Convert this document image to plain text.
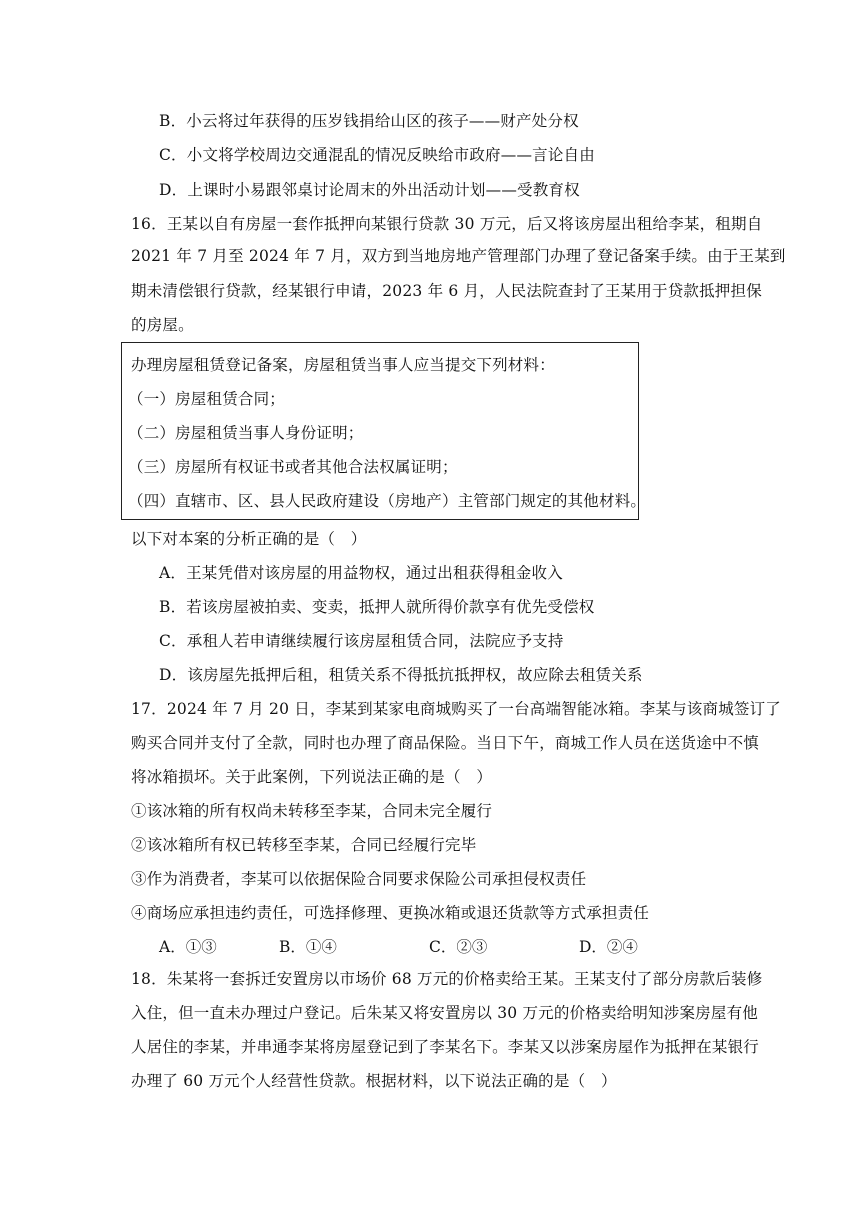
B．小云将过年获得的压岁钱捐给山区的孩子——财产处分权
C．小文将学校周边交通混乱的情况反映给市政府——言论自由
D．上课时小易跟邻桌讨论周末的外出活动计划——受教育权
16．王某以自有房屋一套作抵押向某银行贷款 30 万元，后又将该房屋出租给李某，租期自
2021 年 7 月至 2024 年 7 月，双方到当地房地产管理部门办理了登记备案手续。由于王某到
期未清偿银行贷款，经某银行申请，2023 年 6 月，人民法院查封了王某用于贷款抵押担保
的房屋。
办理房屋租赁登记备案，房屋租赁当事人应当提交下列材料：
（一）房屋租赁合同；
（二）房屋租赁当事人身份证明；
（三）房屋所有权证书或者其他合法权属证明；
（四）直辖市、区、县人民政府建设（房地产）主管部门规定的其他材料。
以下对本案的分析正确的是（　）
A．王某凭借对该房屋的用益物权，通过出租获得租金收入
B．若该房屋被拍卖、变卖，抵押人就所得价款享有优先受偿权
C．承租人若申请继续履行该房屋租赁合同，法院应予支持
D．该房屋先抵押后租，租赁关系不得抵抗抵押权，故应除去租赁关系
17．2024 年 7 月 20 日，李某到某家电商城购买了一台高端智能冰箱。李某与该商城签订了
购买合同并支付了全款，同时也办理了商品保险。当日下午，商城工作人员在送货途中不慎
将冰箱损坏。关于此案例，下列说法正确的是（　）
①该冰箱的所有权尚未转移至李某，合同未完全履行
②该冰箱所有权已转移至李某，合同已经履行完毕
③作为消费者，李某可以依据保险合同要求保险公司承担侵权责任
④商场应承担违约责任，可选择修理、更换冰箱或退还货款等方式承担责任
A．①③	B．①④	C．②③	D．②④
18．朱某将一套拆迁安置房以市场价 68 万元的价格卖给王某。王某支付了部分房款后装修
入住，但一直未办理过户登记。后朱某又将安置房以 30 万元的价格卖给明知涉案房屋有他
人居住的李某，并串通李某将房屋登记到了李某名下。李某又以涉案房屋作为抵押在某银行
办理了 60 万元个人经营性贷款。根据材料，以下说法正确的是（　）
